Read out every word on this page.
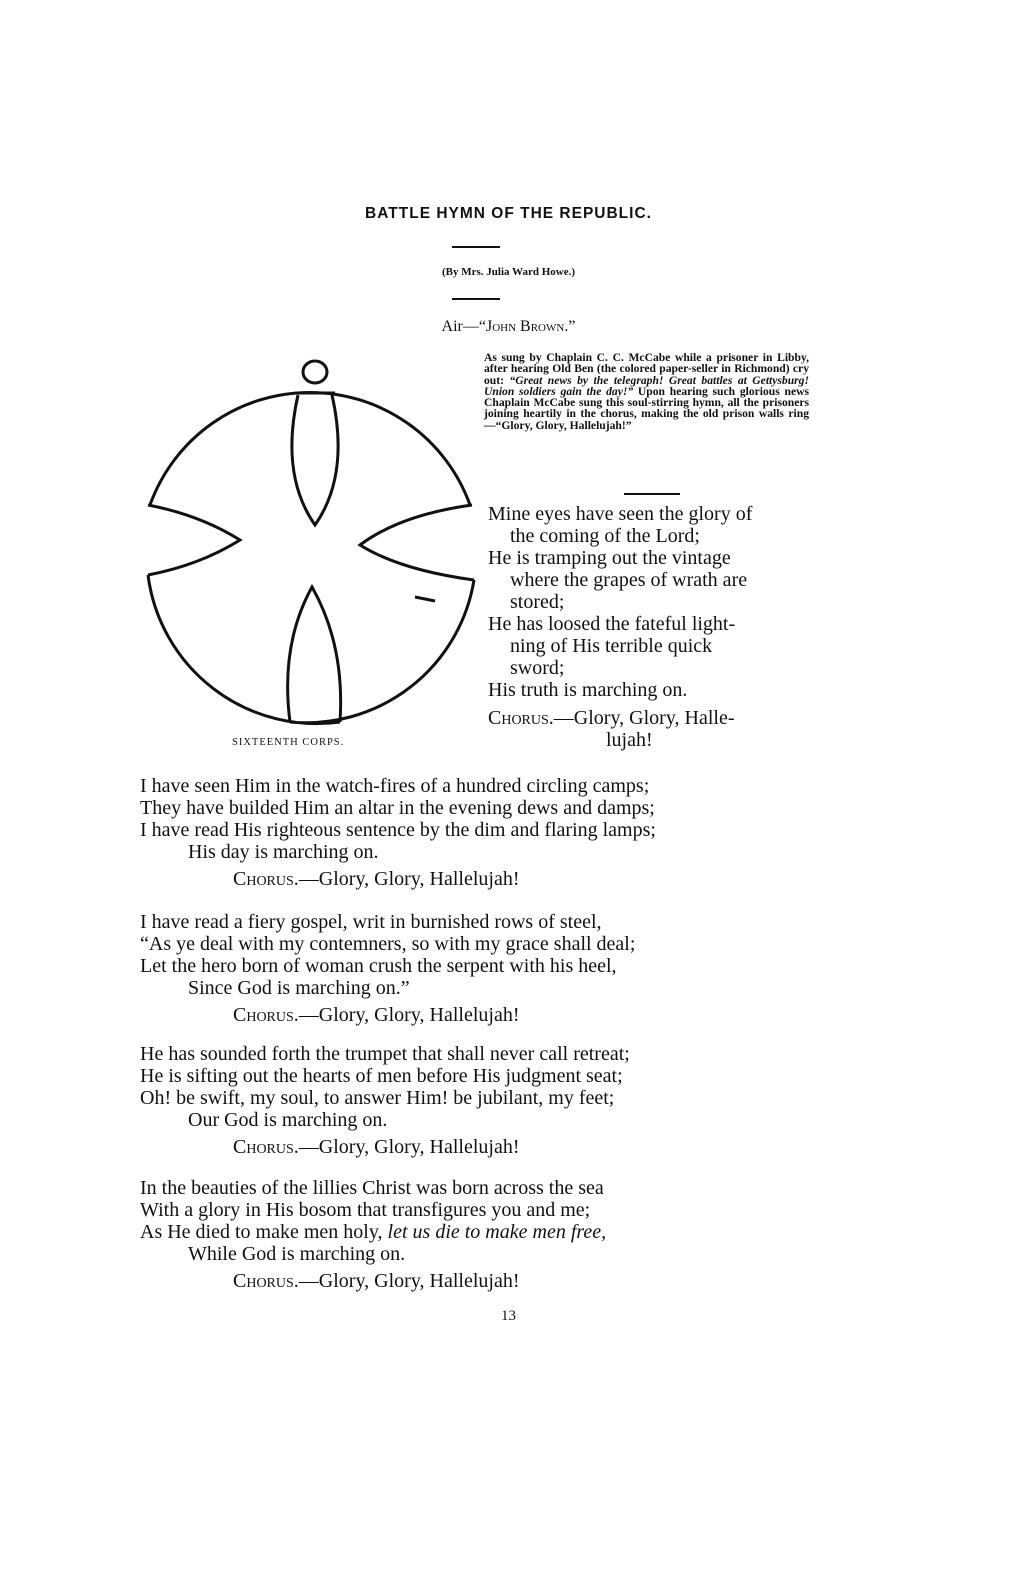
BATTLE HYMN OF THE REPUBLIC.
(By Mrs. Julia Ward Howe.)
Air—“John Brown.”
SIXTEENTH CORPS.
As sung by Chaplain C. C. McCabe while a prisoner in Libby, after hearing Old Ben (the colored paper-seller in Richmond) cry out: “Great news by the telegraph! Great battles at Gettysburg! Union soldiers gain the day!” Upon hearing such glorious news Chaplain McCabe sung this soul-stirring hymn, all the prisoners joining heartily in the chorus, making the old prison walls ring—“Glory, Glory, Hallelujah!”

Mine eyes have seen the glory of

the coming of the Lord;

He is tramping out the vintage

where the grapes of wrath are

stored;

He has loosed the fateful light-

ning of His terrible quick

sword;

His truth is marching on.

Chorus.—Glory, Glory, Halle-

lujah!

I have seen Him in the watch-fires of a hundred circling camps;

They have builded Him an altar in the evening dews and damps;

I have read His righteous sentence by the dim and flaring lamps;

His day is marching on.

Chorus.—Glory, Glory, Hallelujah!

I have read a fiery gospel, writ in burnished rows of steel,

“As ye deal with my contemners, so with my grace shall deal;

Let the hero born of woman crush the serpent with his heel,

Since God is marching on.”

Chorus.—Glory, Glory, Hallelujah!

He has sounded forth the trumpet that shall never call retreat;

He is sifting out the hearts of men before His judgment seat;

Oh! be swift, my soul, to answer Him! be jubilant, my feet;

Our God is marching on.

Chorus.—Glory, Glory, Hallelujah!

In the beauties of the lillies Christ was born across the sea

With a glory in His bosom that transfigures you and me;

As He died to make men holy, let us die to make men free,

While God is marching on.

Chorus.—Glory, Glory, Hallelujah!

13
